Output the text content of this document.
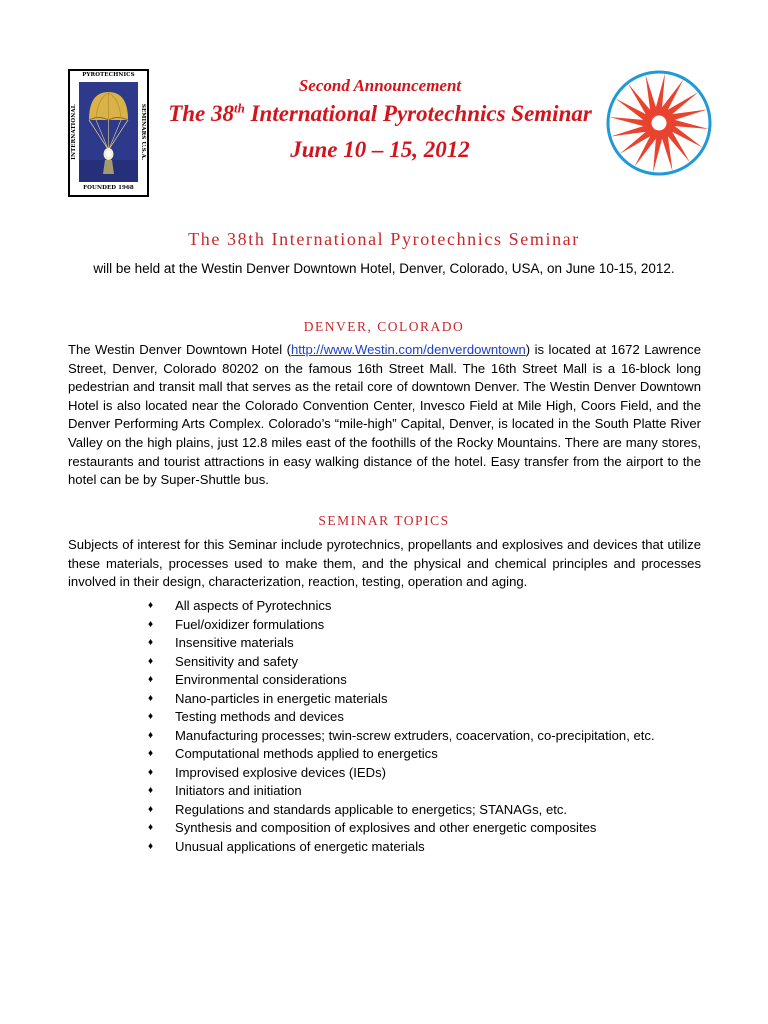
PYROTECHNICS
INTERNATIONAL	SEMINARS U.S.A.
FOUNDED 1968
Second Announcement
The 38th International Pyrotechnics Seminar
June 10 – 15, 2012
The 38th International Pyrotechnics Seminar
will be held at the Westin Denver Downtown Hotel, Denver, Colorado, USA, on June 10-15, 2012.
DENVER, COLORADO
The Westin Denver Downtown Hotel (http://www.Westin.com/denverdowntown) is located at 1672 Lawrence Street, Denver, Colorado 80202 on the famous 16th Street Mall. The 16th Street Mall is a 16-block long pedestrian and transit mall that serves as the retail core of downtown Denver. The Westin Denver Downtown Hotel is also located near the Colorado Convention Center, Invesco Field at Mile High, Coors Field, and the Denver Performing Arts Complex. Colorado’s “mile-high” Capital, Denver, is located in the South Platte River Valley on the high plains, just 12.8 miles east of the foothills of the Rocky Mountains. There are many stores, restaurants and tourist attractions in easy walking distance of the hotel. Easy transfer from the airport to the hotel can be by Super-Shuttle bus.
SEMINAR TOPICS
Subjects of interest for this Seminar include pyrotechnics, propellants and explosives and devices that utilize these materials, processes used to make them, and the physical and chemical principles and processes involved in their design, characterization, reaction, testing, operation and aging.
♦ All aspects of Pyrotechnics
♦ Fuel/oxidizer formulations
♦ Insensitive materials
♦ Sensitivity and safety
♦ Environmental considerations
♦ Nano-particles in energetic materials
♦ Testing methods and devices
♦ Manufacturing processes; twin-screw extruders, coacervation, co-precipitation, etc.
♦ Computational methods applied to energetics
♦ Improvised explosive devices (IEDs)
♦ Initiators and initiation
♦ Regulations and standards applicable to energetics; STANAGs, etc.
♦ Synthesis and composition of explosives and other energetic composites
♦ Unusual applications of energetic materials
